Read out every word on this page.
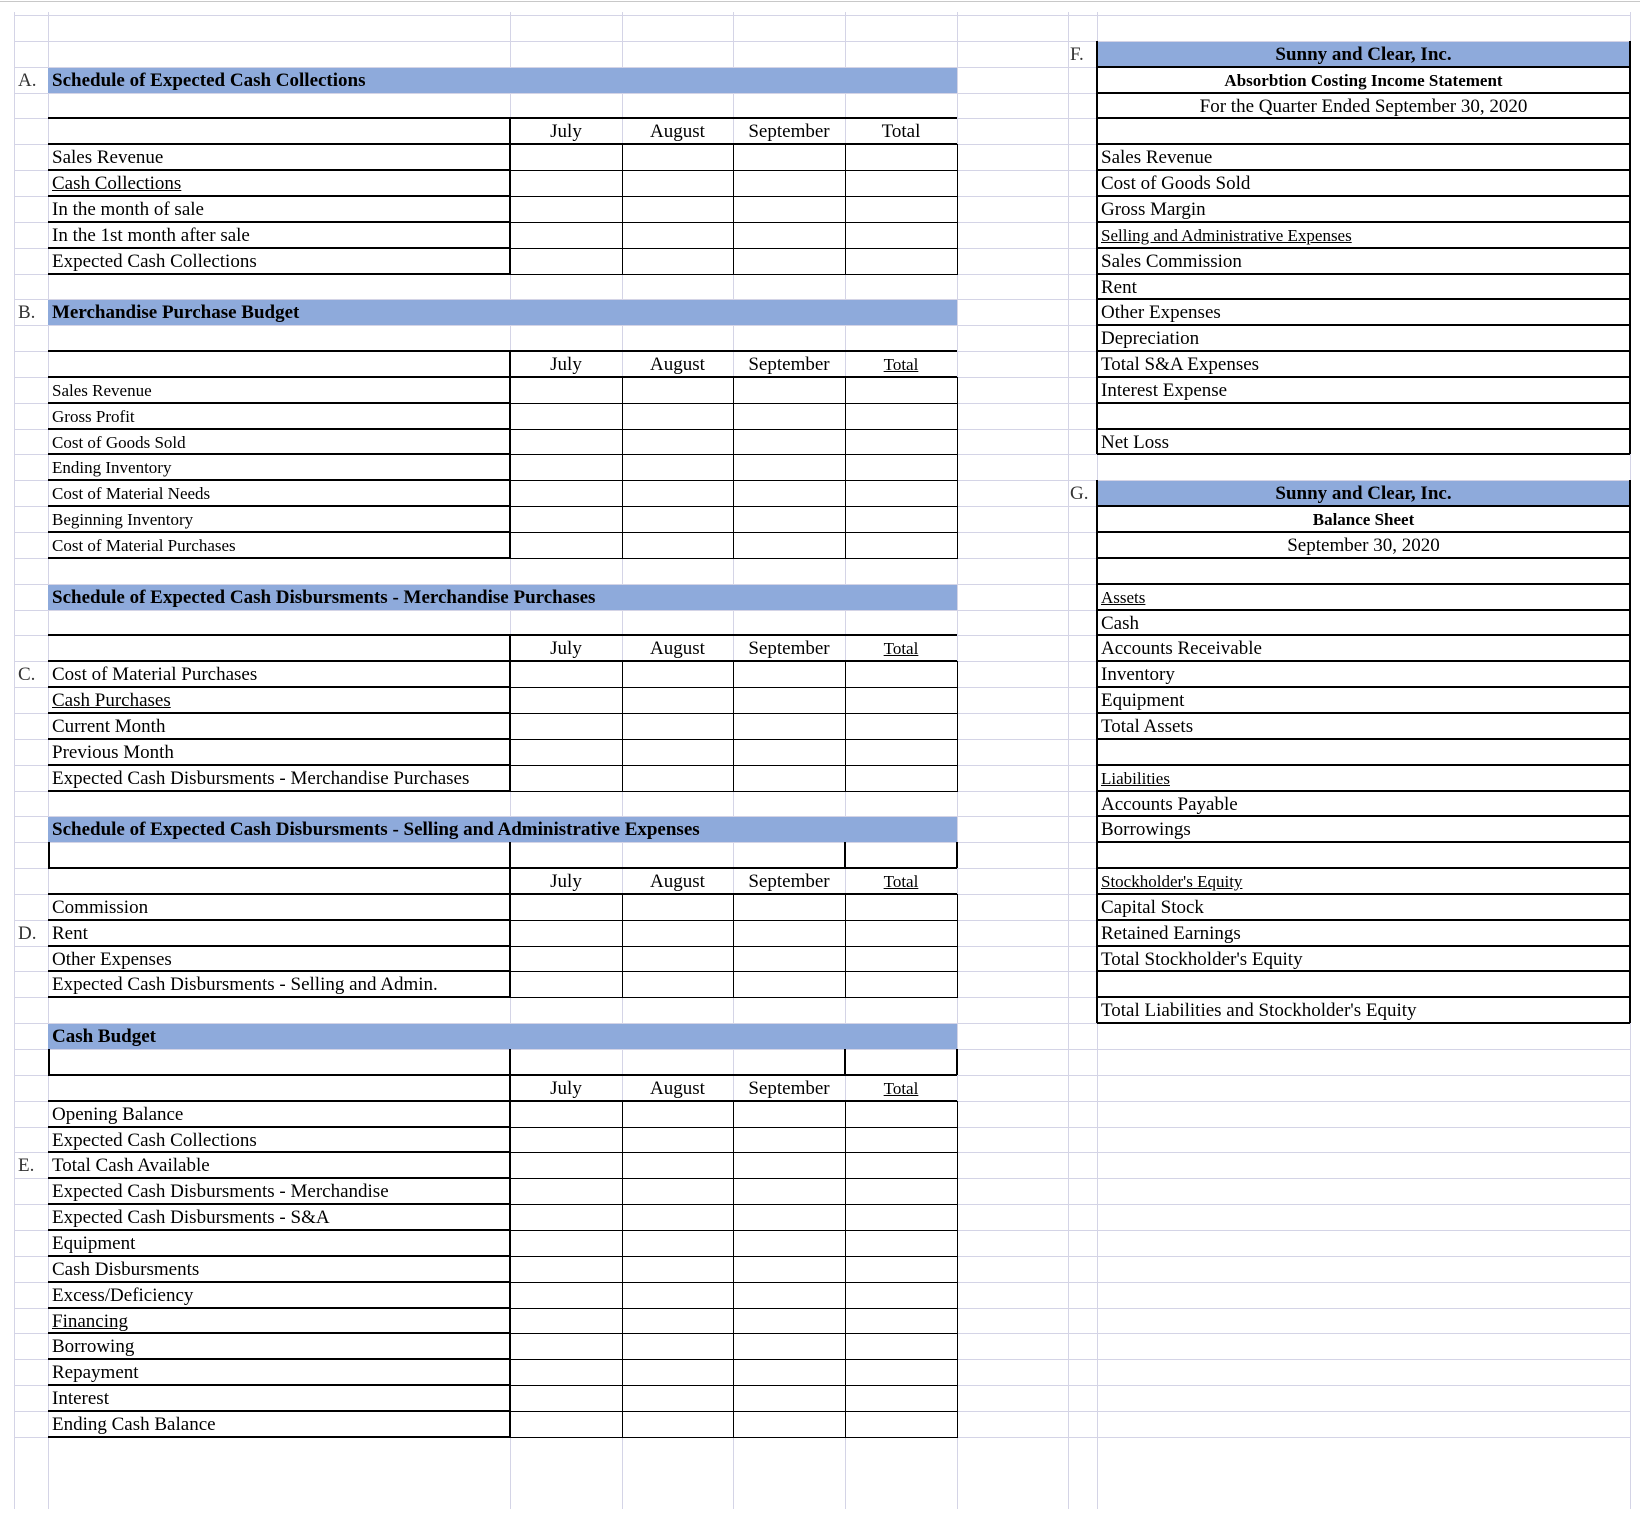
Schedule of Expected Cash Collections
July	August	September	Total
Sales Revenue
Cash Collections
In the month of sale
In the 1st month after sale
Expected Cash Collections
A.
Merchandise Purchase Budget
July	August	September	Total
Sales Revenue
Gross Profit
Cost of Goods Sold
Ending Inventory
Cost of Material Needs
Beginning Inventory
Cost of Material Purchases
B.
Schedule of Expected Cash Disbursments - Merchandise Purchases
July	August	September	Total
Cost of Material Purchases
Cash Purchases
Current Month
Previous Month
Expected Cash Disbursments - Merchandise Purchases
C.
Schedule of Expected Cash Disbursments - Selling and Administrative Expenses
July	August	September	Total
Commission
Rent
Other Expenses
Expected Cash Disbursments - Selling and Admin.
D.
Cash Budget
July	August	September	Total
Opening Balance
Expected Cash Collections
Total Cash Available
Expected Cash Disbursments - Merchandise
Expected Cash Disbursments - S&A
Equipment
Cash Disbursments
Excess/Deficiency
Financing
Borrowing
Repayment
Interest
Ending Cash Balance
E.
F.	Sunny and Clear, Inc.
Absorbtion Costing Income Statement
For the Quarter Ended September 30, 2020
Sales Revenue
Cost of Goods Sold
Gross Margin
Selling and Administrative Expenses
Sales Commission
Rent
Other Expenses
Depreciation
Total S&A Expenses
Interest Expense
Net Loss
G.	Sunny and Clear, Inc.
Balance Sheet
September 30, 2020
Assets
Cash
Accounts Receivable
Inventory
Equipment
Total Assets
Liabilities
Accounts Payable
Borrowings
Stockholder's Equity
Capital Stock
Retained Earnings
Total Stockholder's Equity
Total Liabilities and Stockholder's Equity
